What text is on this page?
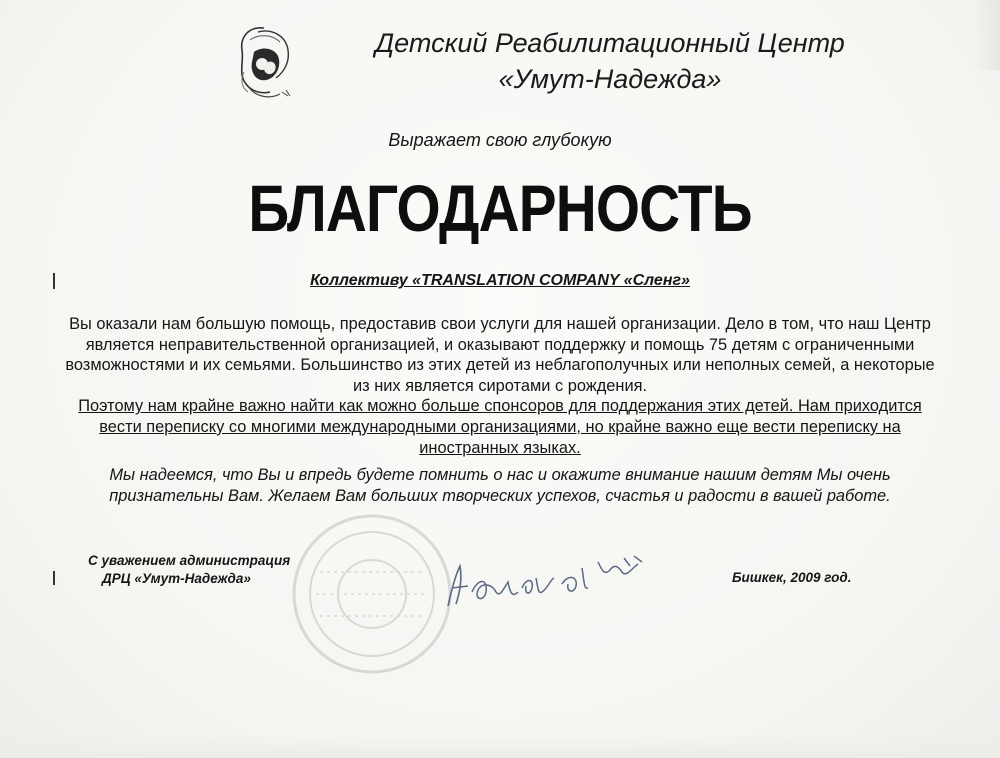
Детский Реабилитационный Центр
«Умут-Надежда»
Выражает свою глубокую
БЛАГОДАРНОСТЬ
Коллективу «TRANSLATION COMPANY «Сленг»
Вы оказали нам большую помощь, предоставив свои услуги для нашей организации. Дело в том, что наш Центр является неправительственной организацией, и оказывают поддержку и помощь 75 детям с ограниченными возможностями и их семьями. Большинство из этих детей из неблагополучных или неполных семей, а некоторые из них является сиротами с рождения.
Поэтому нам крайне важно найти как можно больше спонсоров для поддержания этих детей. Нам приходится вести переписку со многими международными организациями, но крайне важно еще вести переписку на иностранных языках.
Мы надеемся, что Вы и впредь будете помнить о нас и окажите внимание нашим детям Мы очень признательны Вам. Желаем Вам больших творческих успехов, счастья и радости в вашей работе.
С уважением администрация
ДРЦ «Умут-Надежда»	Бишкек, 2009 год.
